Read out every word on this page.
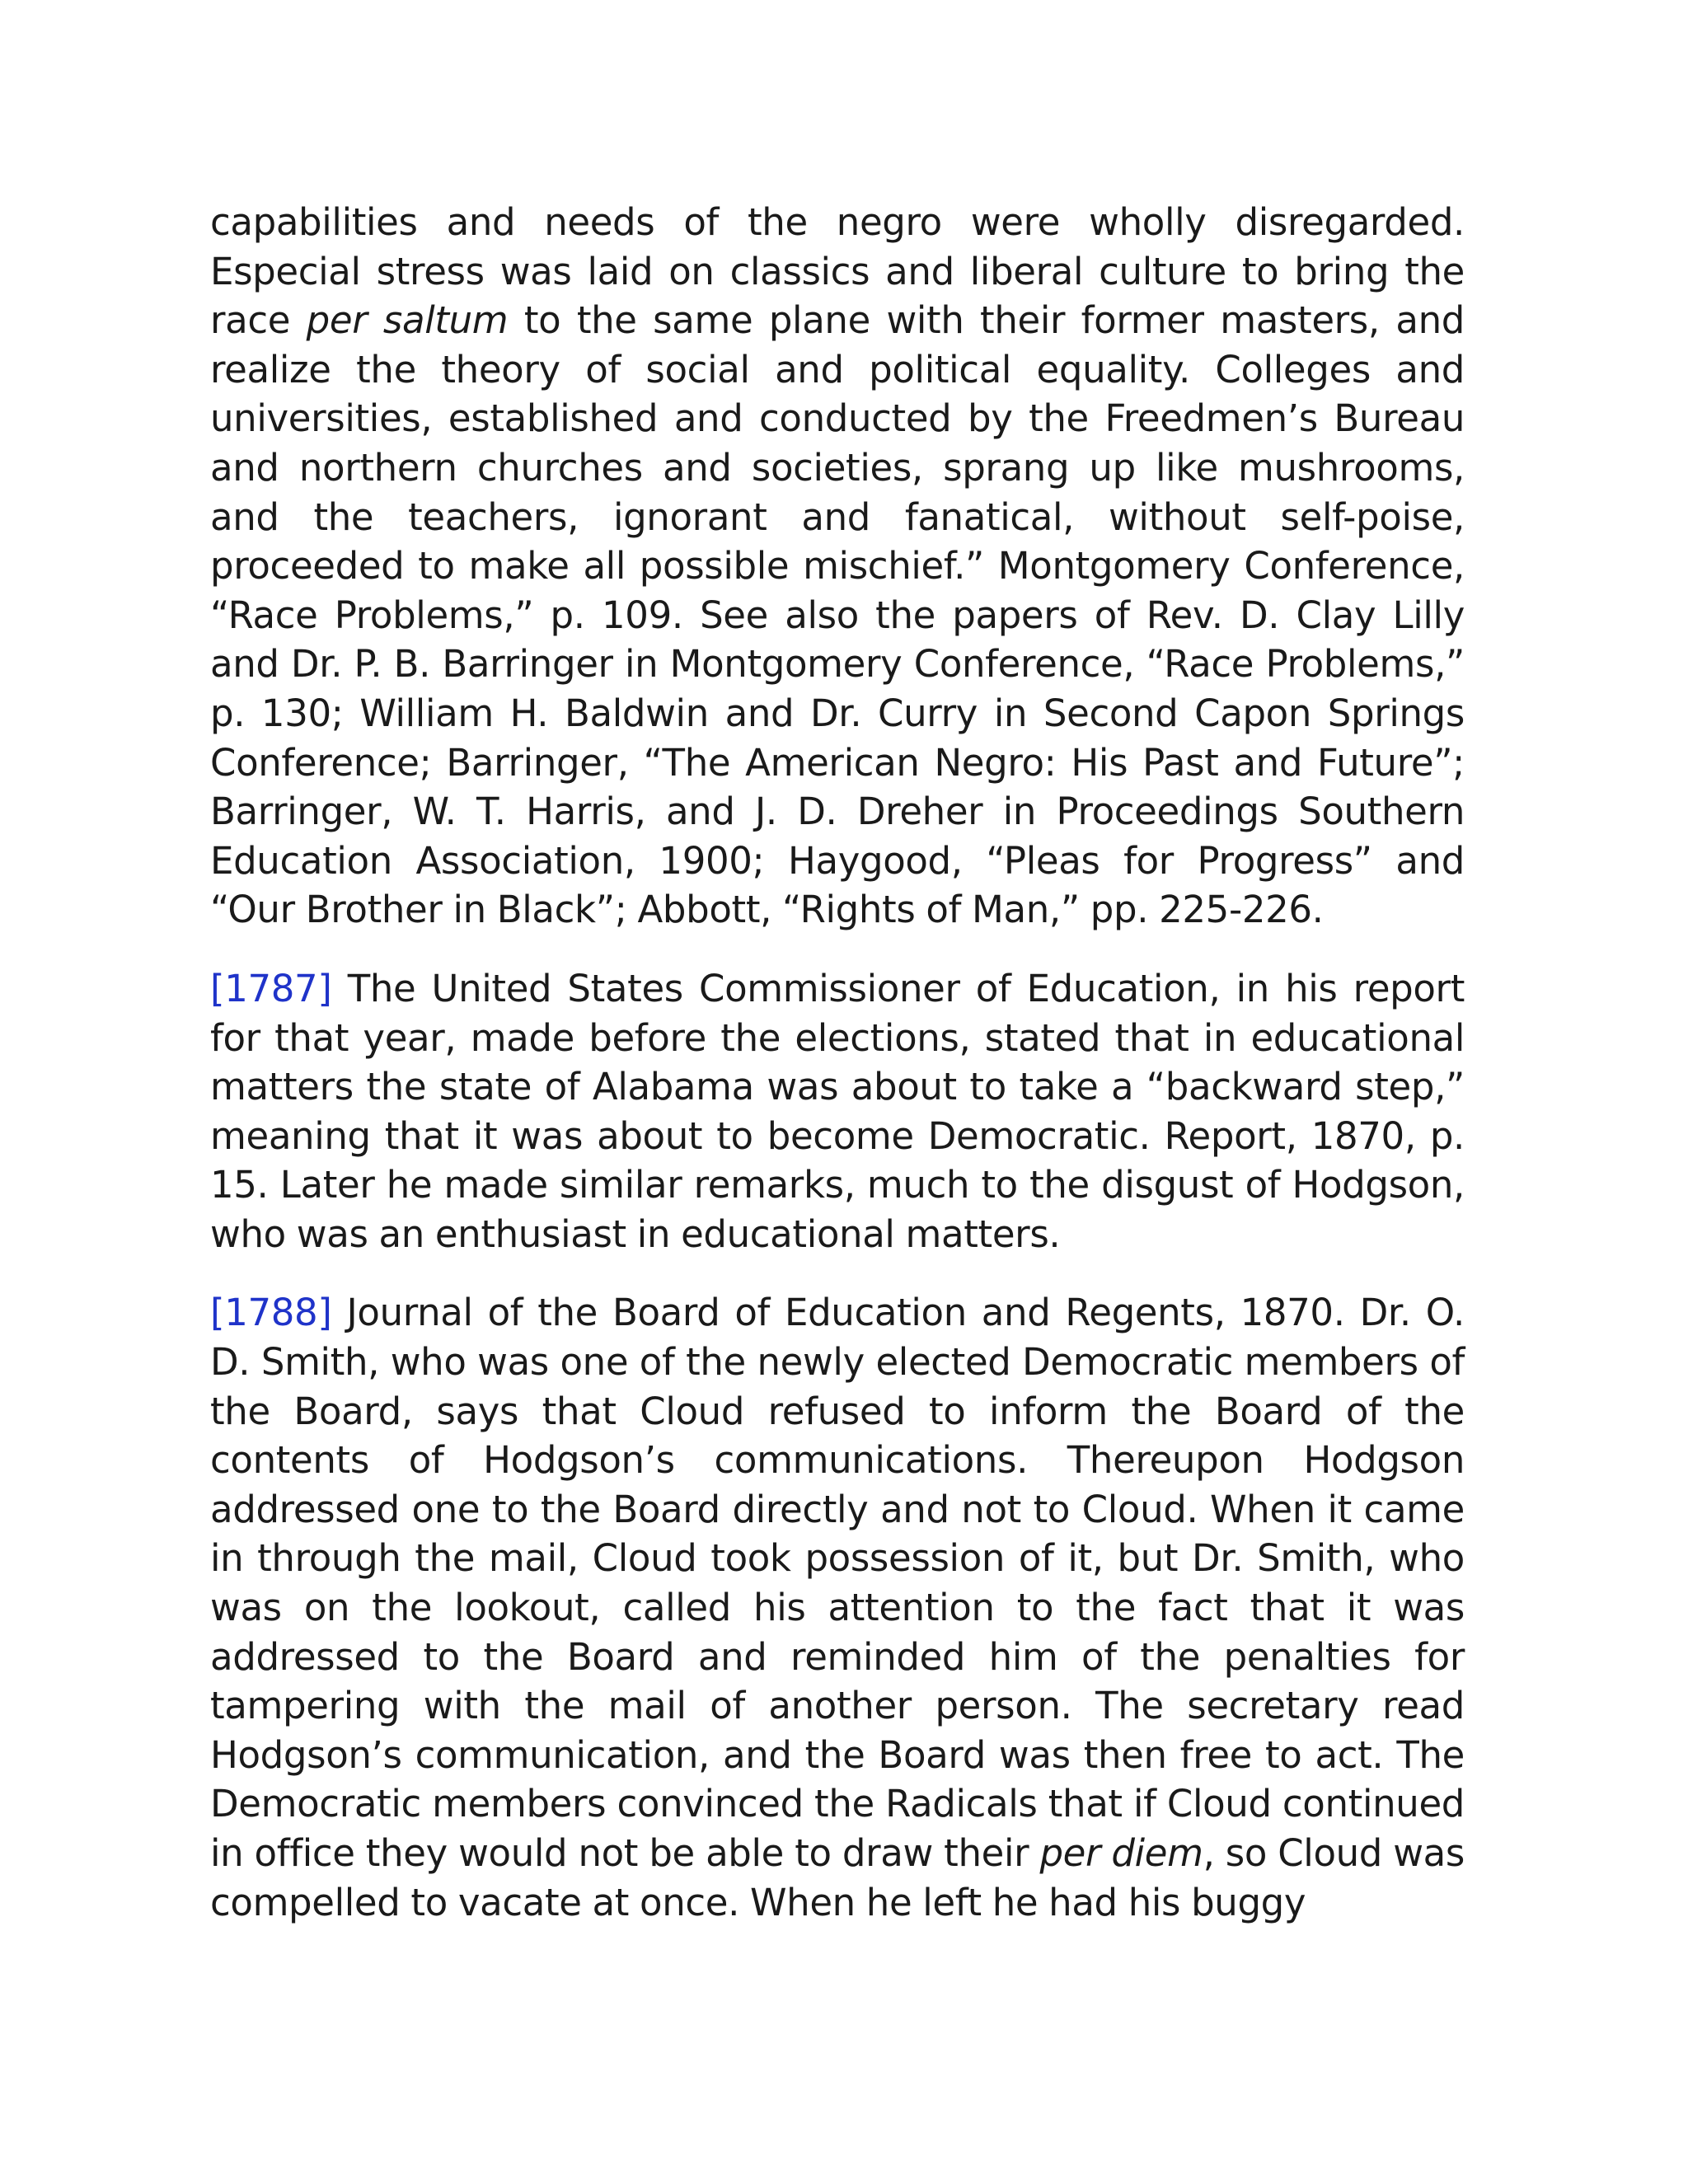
capabilities and needs of the negro were wholly disregarded. Especial stress was laid on classics and liberal culture to bring the race per saltum to the same plane with their former masters, and realize the theory of social and political equality. Colleges and universities, established and conducted by the Freedmen’s Bureau and northern churches and societies, sprang up like mushrooms, and the teachers, ignorant and fanatical, without self-poise, proceeded to make all possible mischief.” Montgomery Conference, “Race Problems,” p. 109. See also the papers of Rev. D. Clay Lilly and Dr. P. B. Barringer in Montgomery Conference, “Race Problems,” p. 130; William H. Baldwin and Dr. Curry in Second Capon Springs Conference; Barringer, “The American Negro: His Past and Future”; Barringer, W. T. Harris, and J. D. Dreher in Proceedings Southern Education Association, 1900; Haygood, “Pleas for Progress” and “Our Brother in Black”; Abbott, “Rights of Man,” pp. 225-226.

[1787] The United States Commissioner of Education, in his report for that year, made before the elections, stated that in educational matters the state of Alabama was about to take a “backward step,” meaning that it was about to become Democratic. Report, 1870, p. 15. Later he made similar remarks, much to the disgust of Hodgson, who was an enthusiast in educational matters.

[1788] Journal of the Board of Education and Regents, 1870. Dr. O. D. Smith, who was one of the newly elected Democratic members of the Board, says that Cloud refused to inform the Board of the contents of Hodgson’s communications. Thereupon Hodgson addressed one to the Board directly and not to Cloud. When it came in through the mail, Cloud took possession of it, but Dr. Smith, who was on the lookout, called his attention to the fact that it was addressed to the Board and reminded him of the penalties for tampering with the mail of another person. The secretary read Hodgson’s communication, and the Board was then free to act. The Democratic members convinced the Radicals that if Cloud continued in office they would not be able to draw their per diem, so Cloud was compelled to vacate at once. When he left he had his buggy
